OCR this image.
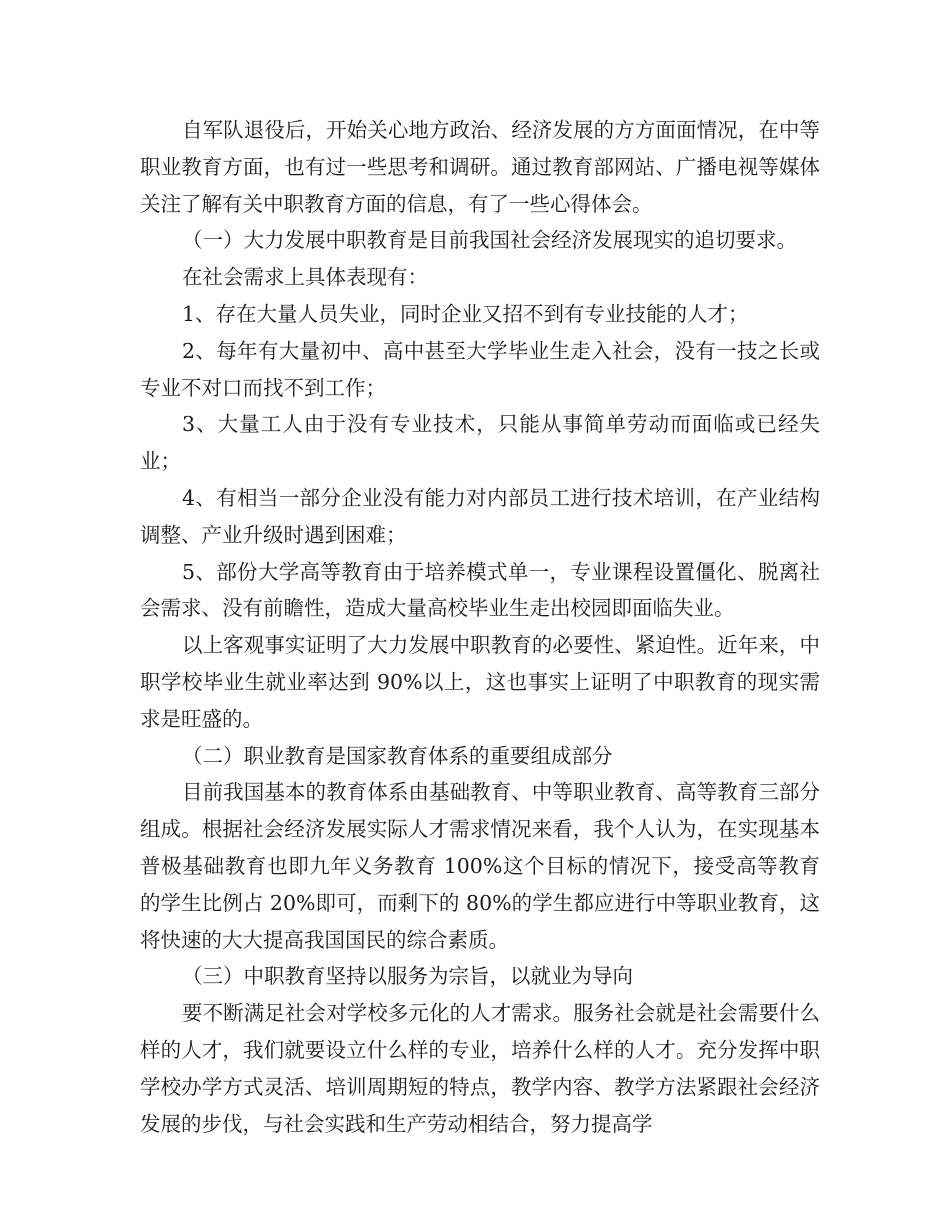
自军队退役后，开始关心地方政治、经济发展的方方面面情况，在中等职业教育方面，也有过一些思考和调研。通过教育部网站、广播电视等媒体关注了解有关中职教育方面的信息，有了一些心得体会。

（一）大力发展中职教育是目前我国社会经济发展现实的追切要求。

在社会需求上具体表现有：

1、存在大量人员失业，同时企业又招不到有专业技能的人才；

2、每年有大量初中、高中甚至大学毕业生走入社会，没有一技之长或专业不对口而找不到工作；

3、大量工人由于没有专业技术，只能从事简单劳动而面临或已经失业；

4、有相当一部分企业没有能力对内部员工进行技术培训，在产业结构调整、产业升级时遇到困难；

5、部份大学高等教育由于培养模式单一，专业课程设置僵化、脱离社会需求、没有前瞻性，造成大量高校毕业生走出校园即面临失业。

以上客观事实证明了大力发展中职教育的必要性、紧迫性。近年来，中职学校毕业生就业率达到 90%以上，这也事实上证明了中职教育的现实需求是旺盛的。

（二）职业教育是国家教育体系的重要组成部分

目前我国基本的教育体系由基础教育、中等职业教育、高等教育三部分组成。根据社会经济发展实际人才需求情况来看，我个人认为，在实现基本普极基础教育也即九年义务教育 100%这个目标的情况下，接受高等教育的学生比例占 20%即可，而剩下的 80%的学生都应进行中等职业教育，这将快速的大大提高我国国民的综合素质。

（三）中职教育坚持以服务为宗旨，以就业为导向

要不断满足社会对学校多元化的人才需求。服务社会就是社会需要什么样的人才，我们就要设立什么样的专业，培养什么样的人才。充分发挥中职学校办学方式灵活、培训周期短的特点，教学内容、教学方法紧跟社会经济发展的步伐，与社会实践和生产劳动相结合，努力提高学
